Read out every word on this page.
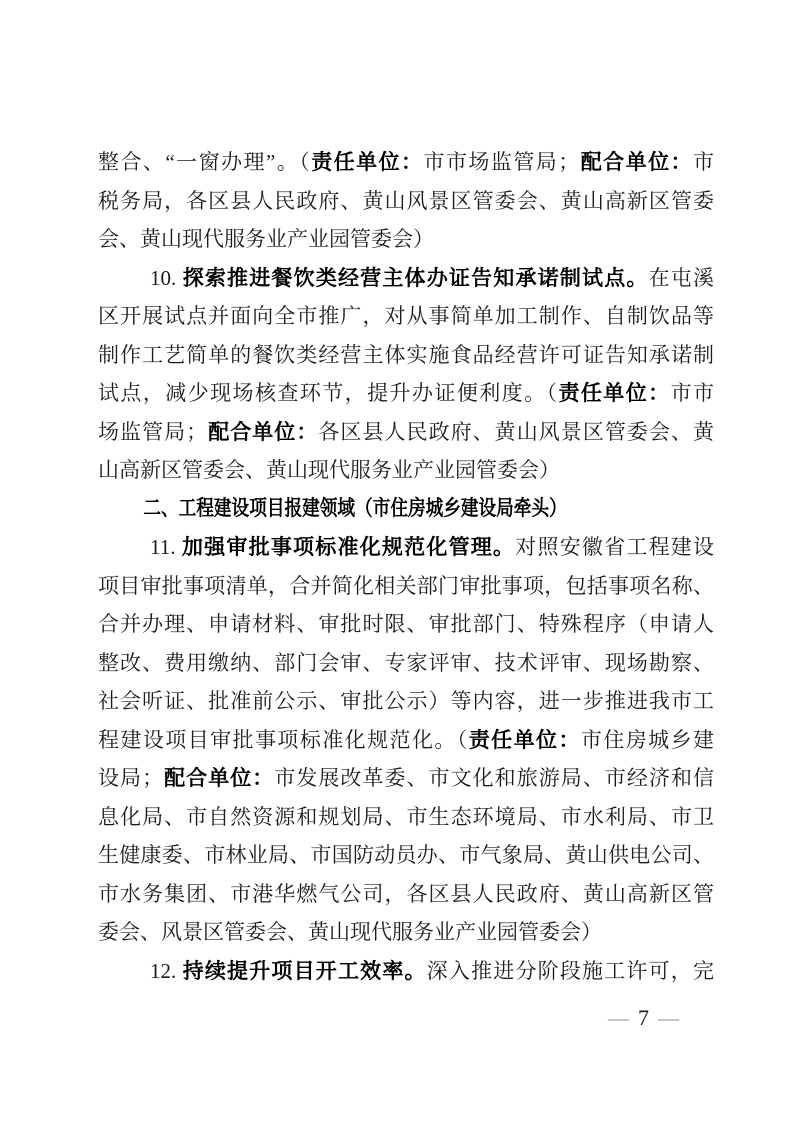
整合、“一窗办理”。（责任单位：市市场监管局；配合单位：市
税务局，各区县人民政府、黄山风景区管委会、黄山高新区管委
会、黄山现代服务业产业园管委会）
10. 探索推进餐饮类经营主体办证告知承诺制试点。在屯溪
区开展试点并面向全市推广，对从事简单加工制作、自制饮品等
制作工艺简单的餐饮类经营主体实施食品经营许可证告知承诺制
试点，减少现场核查环节，提升办证便利度。（责任单位：市市
场监管局；配合单位：各区县人民政府、黄山风景区管委会、黄
山高新区管委会、黄山现代服务业产业园管委会）
二、工程建设项目报建领域（市住房城乡建设局牵头）
11. 加强审批事项标准化规范化管理。对照安徽省工程建设
项目审批事项清单，合并简化相关部门审批事项，包括事项名称、
合并办理、申请材料、审批时限、审批部门、特殊程序（申请人
整改、费用缴纳、部门会审、专家评审、技术评审、现场勘察、
社会听证、批准前公示、审批公示）等内容，进一步推进我市工
程建设项目审批事项标准化规范化。（责任单位：市住房城乡建
设局；配合单位：市发展改革委、市文化和旅游局、市经济和信
息化局、市自然资源和规划局、市生态环境局、市水利局、市卫
生健康委、市林业局、市国防动员办、市气象局、黄山供电公司、
市水务集团、市港华燃气公司，各区县人民政府、黄山高新区管
委会、风景区管委会、黄山现代服务业产业园管委会）
12. 持续提升项目开工效率。深入推进分阶段施工许可，完
— 7 —
